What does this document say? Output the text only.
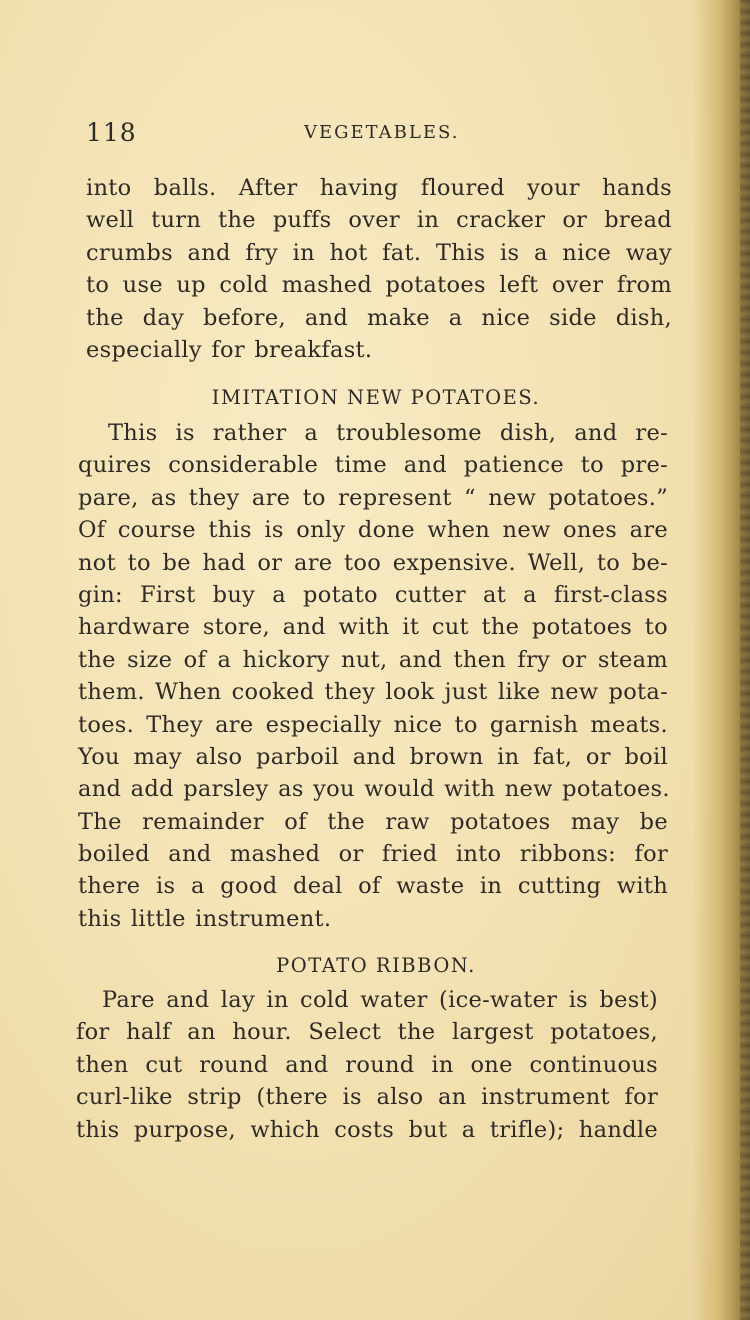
118	VEGETABLES.
into balls. After having floured your hands
well turn the puffs over in cracker or bread
crumbs and fry in hot fat. This is a nice way
to use up cold mashed potatoes left over from
the day before, and make a nice side dish,
especially for breakfast.
IMITATION NEW POTATOES.
This is rather a troublesome dish, and re-
quires considerable time and patience to pre-
pare, as they are to represent “ new potatoes.”
Of course this is only done when new ones are
not to be had or are too expensive. Well, to be-
gin: First buy a potato cutter at a first-class
hardware store, and with it cut the potatoes to
the size of a hickory nut, and then fry or steam
them. When cooked they look just like new pota-
toes. They are especially nice to garnish meats.
You may also parboil and brown in fat, or boil
and add parsley as you would with new potatoes.
The remainder of the raw potatoes may be
boiled and mashed or fried into ribbons: for
there is a good deal of waste in cutting with
this little instrument.
POTATO RIBBON.
Pare and lay in cold water (ice-water is best)
for half an hour. Select the largest potatoes,
then cut round and round in one continuous
curl-like strip (there is also an instrument for
this purpose, which costs but a trifle); handle
